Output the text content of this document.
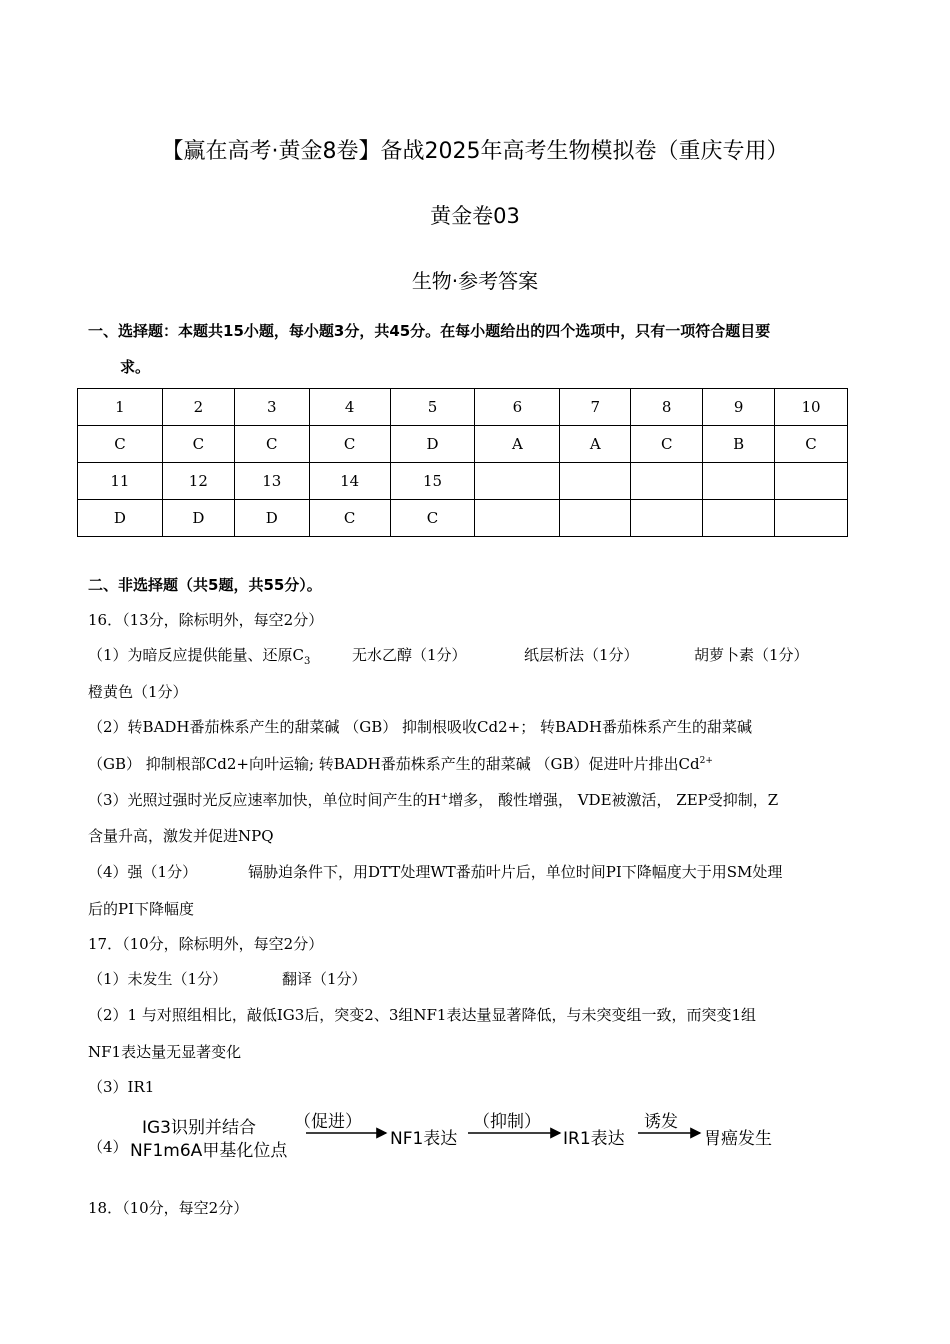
【赢在高考·黄金8卷】备战2025年高考生物模拟卷（重庆专用）
黄金卷03
生物·参考答案
一、选择题：本题共15小题，每小题3分，共45分。在每小题给出的四个选项中，只有一项符合题目要
求。
1	2	3	4	5	6	7	8	9	10
C	C	C	C	D	A	A	C	B	C
11	12	13	14	15					
D	D	D	C	C					
二、非选择题（共5题，共55分）。
16．（13分，除标明外，每空2分）
（1）为暗反应提供能量、还原$C_3$	无水乙醇（1分）	纸层析法（1分）	胡萝卜素（1分）
橙黄色（1分）
（2）转BADH番茄株系产生的甜菜碱 （GB） 抑制根吸收Cd2+； 转BADH番茄株系产生的甜菜碱
（GB） 抑制根部Cd2+向叶运输; 转BADH番茄株系产生的甜菜碱 （GB）促进叶片排出$Cd^{2+}$
（3）光照过强时光反应速率加快，单位时间产生的H+增多， 酸性增强， VDE被激活， ZEP受抑制，Z
含量升高，激发并促进NPQ
（4）强（1分）	镉胁迫条件下，用DTT处理WT番茄叶片后，单位时间PI下降幅度大于用SM处理
后的PI下降幅度
17．（10分，除标明外，每空2分）
（1）未发生（1分）	翻译（1分）
（2）1 与对照组相比，敲低IG3后，突变2、3组NF1表达量显著降低，与未突变组一致，而突变1组
NF1表达量无显著变化
（3）IR1
（4）
IG3识别并结合
NF1m6A甲基化位点
（促进）
NF1表达
（抑制）
IR1表达
诱发
胃癌发生
18．（10分，每空2分）
